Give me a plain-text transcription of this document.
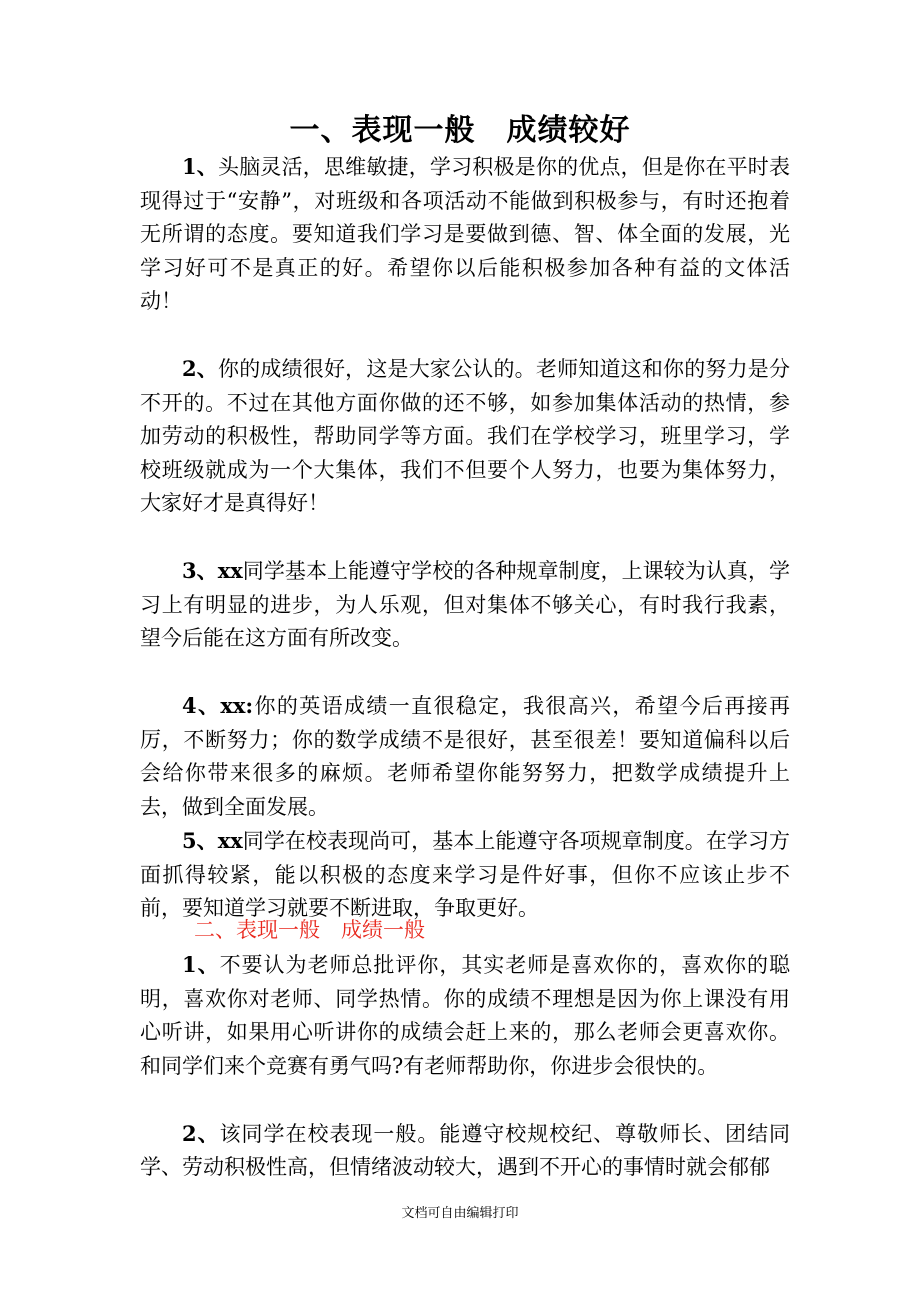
一、表现一般　成绩较好

1、头脑灵活，思维敏捷，学习积极是你的优点，但是你在平时表现得过于“安静”，对班级和各项活动不能做到积极参与，有时还抱着无所谓的态度。要知道我们学习是要做到德、智、体全面的发展，光学习好可不是真正的好。希望你以后能积极参加各种有益的文体活动！

2、你的成绩很好，这是大家公认的。老师知道这和你的努力是分不开的。不过在其他方面你做的还不够，如参加集体活动的热情，参加劳动的积极性，帮助同学等方面。我们在学校学习，班里学习，学校班级就成为一个大集体，我们不但要个人努力，也要为集体努力，大家好才是真得好！

3、xx同学基本上能遵守学校的各种规章制度，上课较为认真，学习上有明显的进步，为人乐观，但对集体不够关心，有时我行我素，望今后能在这方面有所改变。

4、xx:你的英语成绩一直很稳定，我很高兴，希望今后再接再厉，不断努力；你的数学成绩不是很好，甚至很差！要知道偏科以后会给你带来很多的麻烦。老师希望你能努努力，把数学成绩提升上去，做到全面发展。

5、xx同学在校表现尚可，基本上能遵守各项规章制度。在学习方面抓得较紧，能以积极的态度来学习是件好事，但你不应该止步不前，要知道学习就要不断进取，争取更好。

二、表现一般　成绩一般

1、不要认为老师总批评你，其实老师是喜欢你的，喜欢你的聪明，喜欢你对老师、同学热情。你的成绩不理想是因为你上课没有用心听讲，如果用心听讲你的成绩会赶上来的，那么老师会更喜欢你。和同学们来个竞赛有勇气吗?有老师帮助你，你进步会很快的。

2、该同学在校表现一般。能遵守校规校纪、尊敬师长、团结同学、劳动积极性高，但情绪波动较大，遇到不开心的事情时就会郁郁

文档可自由编辑打印
